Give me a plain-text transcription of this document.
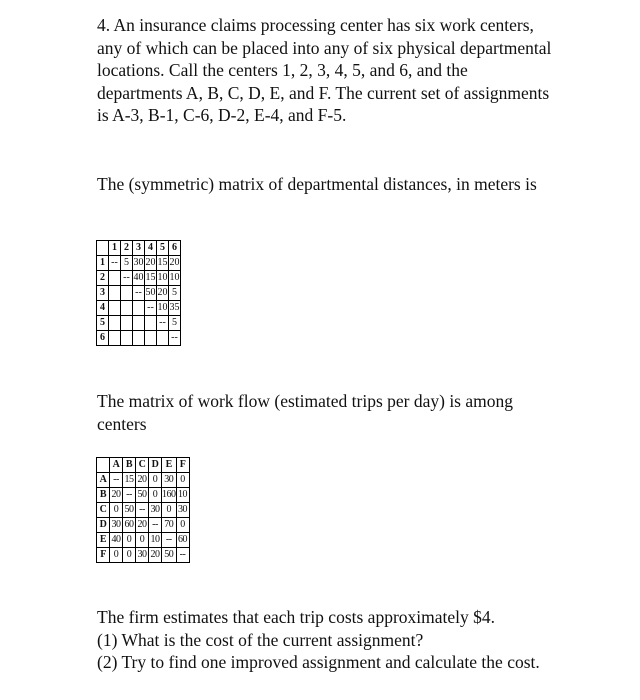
4. An insurance claims processing center has six work centers, any of which can be placed into any of six physical departmental locations. Call the centers 1, 2, 3, 4, 5, and 6, and the departments A, B, C, D, E, and F. The current set of assignments is A-3, B-1, C-6, D-2, E-4, and F-5.
The (symmetric) matrix of departmental distances, in meters is
	1	2	3	4	5	6
1	--	5	30	20	15	20
2		--	40	15	10	10
3			--	50	20	5
4				--	10	35
5					--	5
6						--
The matrix of work flow (estimated trips per day) is among centers
	A	B	C	D	E	F
A	--	15	20	0	30	0
B	20	--	50	0	160	10
C	0	50	--	30	0	30
D	30	60	20	--	70	0
E	40	0	0	10	--	60
F	0	0	30	20	50	--
The firm estimates that each trip costs approximately $4.
(1) What is the cost of the current assignment?
(2) Try to find one improved assignment and calculate the cost.
